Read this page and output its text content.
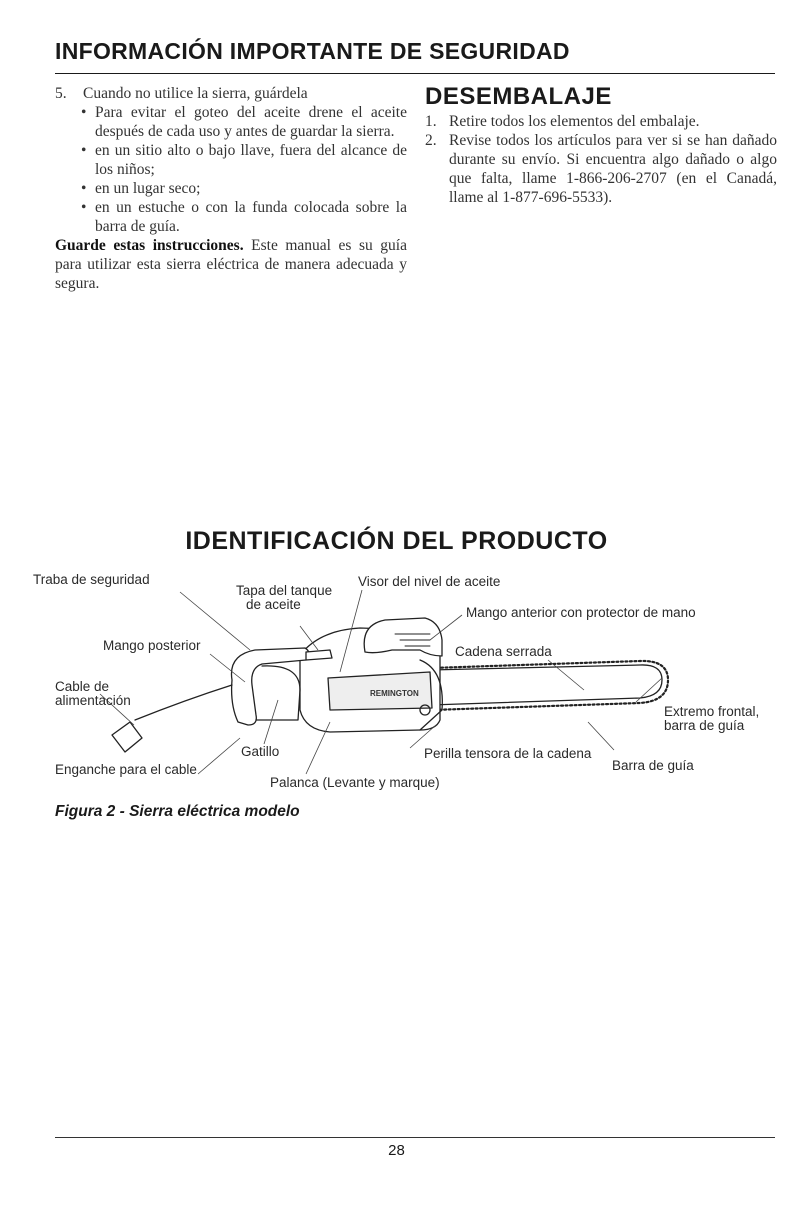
INFORMACIÓN IMPORTANTE DE SEGURIDAD

5. Cuando no utilice la sierra, guárdela

• Para evitar el goteo del aceite drene el aceite después de cada uso y antes de guardar la sierra.

• en un sitio alto o bajo llave, fuera del alcance de los niños;

• en un lugar seco;

• en un estuche o con la funda colocada sobre la barra de guía.

Guarde estas instrucciones. Este manual es su guía para utilizar esta sierra eléctrica de manera adecuada y segura.

DESEMBALAJE

1. Retire todos los elementos del embalaje.

2. Revise todos los artículos para ver si se han dañado durante su envío. Si encuentra algo dañado o algo que falta, llame 1-866-206-2707 (en el Canadá, llame al 1-877-696-5533).

IDENTIFICACIÓN DEL PRODUCTO
REMINGTON
Traba de seguridad
Tapa del tanque
de aceite
Visor del nivel de aceite
Mango anterior con protector de mano
Mango posterior	Cadena serrada
Cable de
alimentación
Extremo frontal,
barra de guía
Gatillo	Perilla tensora de la cadena
Barra de guía
Enganche para el cable
Palanca (Levante y marque)

Figura 2 - Sierra eléctrica modelo

28
